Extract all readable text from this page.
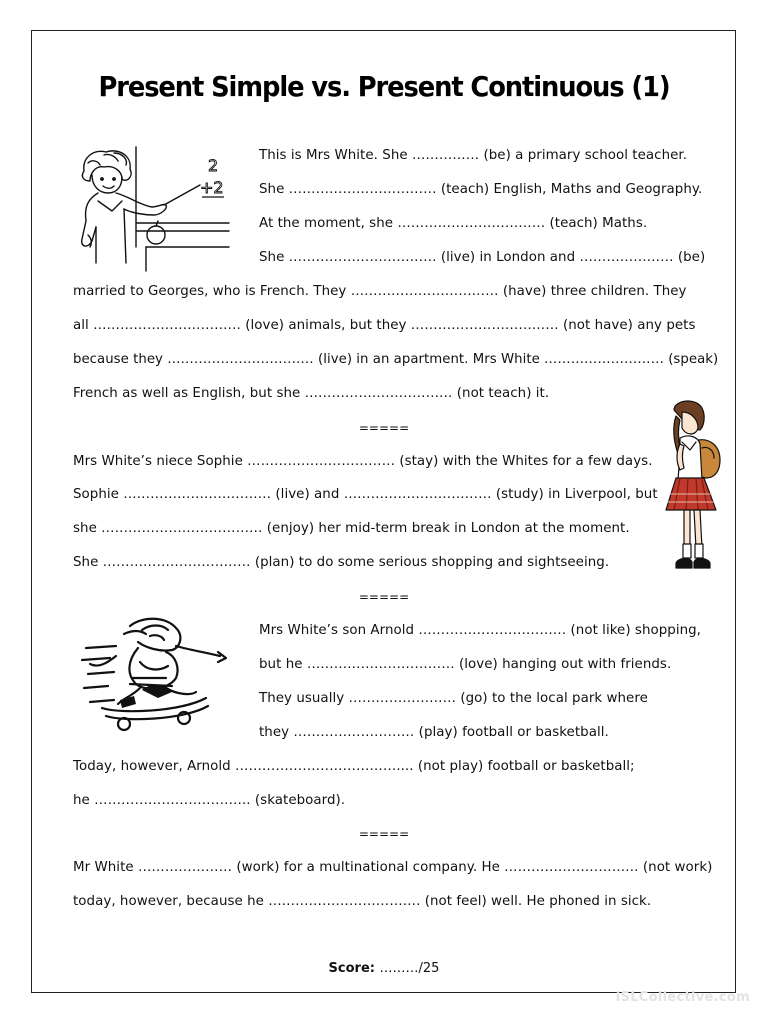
Present Simple vs. Present Continuous (1)
2
+2

This is Mrs White. She …………… (be) a primary school teacher.

She …………………………… (teach) English, Maths and Geography.

At the moment, she …………………………… (teach) Maths.

She …………………………… (live) in London and ………………… (be)

married to Georges, who is French. They …………………………… (have) three children. They

all …………………………… (love) animals, but they …………………………… (not have) any pets

because they …………………………… (live) in an apartment. Mrs White ……………………… (speak)

French as well as English, but she …………………………… (not teach) it.

=====

Mrs White’s niece Sophie …………………………… (stay) with the Whites for a few days.

Sophie …………………………… (live) and …………………………… (study) in Liverpool, but

she ……………………………… (enjoy) her mid-term break in London at the moment.

She …………………………… (plan) to do some serious shopping and sightseeing.

=====

Mrs White’s son Arnold …………………………… (not like) shopping,

but he …………………………… (love) hanging out with friends.

They usually …………………… (go) to the local park where

they ……………………… (play) football or basketball.

Today, however, Arnold ……………………………….... (not play) football or basketball;

he …………………………….. (skateboard).

=====

Mr White ………………… (work) for a multinational company. He ………………………… (not work)

today, however, because he ……………………………. (not feel) well. He phoned in sick.

Score: ………/25

iSLCollective.com
